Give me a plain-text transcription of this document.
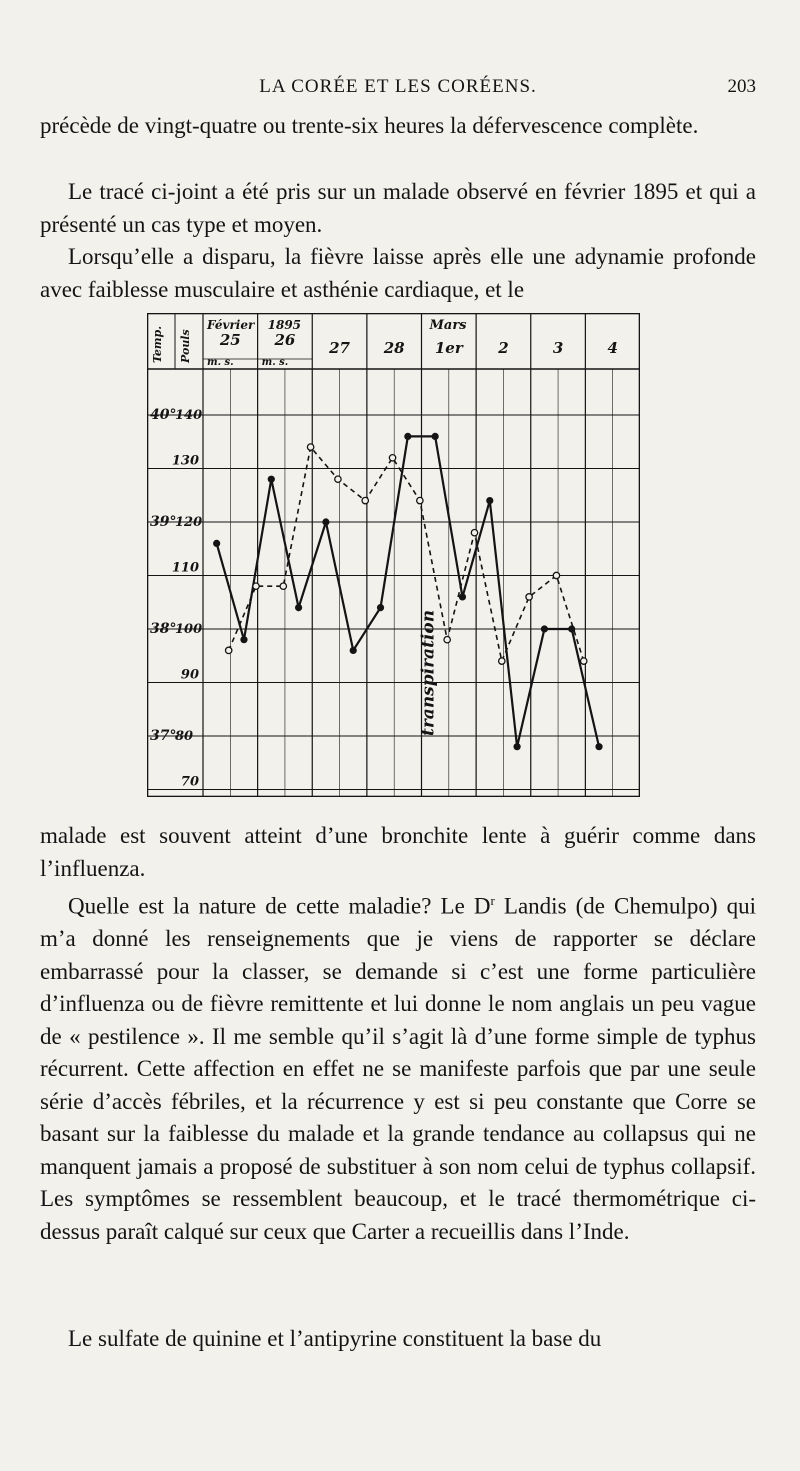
LA CORÉE ET LES CORÉENS.	203

précède de vingt-quatre ou trente-six heures la défervescence complète.

Le tracé ci-joint a été pris sur un malade observé en février 1895 et qui a présenté un cas type et moyen.

Lorsqu’elle a disparu, la fièvre laisse après elle une adynamie profonde avec faiblesse musculaire et asthénie cardiaque, et le

Temp. Pouls
Février 1895	Mars
25 26 27 28 1er 2	3	4
m. s.	m. s.
40°
140
130
39°
120
110
38°
100
90
37°
80
70
transpiration

malade est souvent atteint d’une bronchite lente à guérir comme dans l’influenza.

Quelle est la nature de cette maladie? Le $D^r$ Landis (de Chemulpo) qui m’a donné les renseignements que je viens de rapporter se déclare embarrassé pour la classer, se demande si c’est une forme particulière d’influenza ou de fièvre remittente et lui donne le nom anglais un peu vague de « pestilence ». Il me semble qu’il s’agit là d’une forme simple de typhus récurrent. Cette affection en effet ne se manifeste parfois que par une seule série d’accès fébriles, et la récurrence y est si peu constante que Corre se basant sur la faiblesse du malade et la grande tendance au collapsus qui ne manquent jamais a proposé de substituer à son nom celui de typhus collapsif. Les symptômes se ressemblent beaucoup, et le tracé thermométrique ci-dessus paraît calqué sur ceux que Carter a recueillis dans l’Inde.

Le sulfate de quinine et l’antipyrine constituent la base du
